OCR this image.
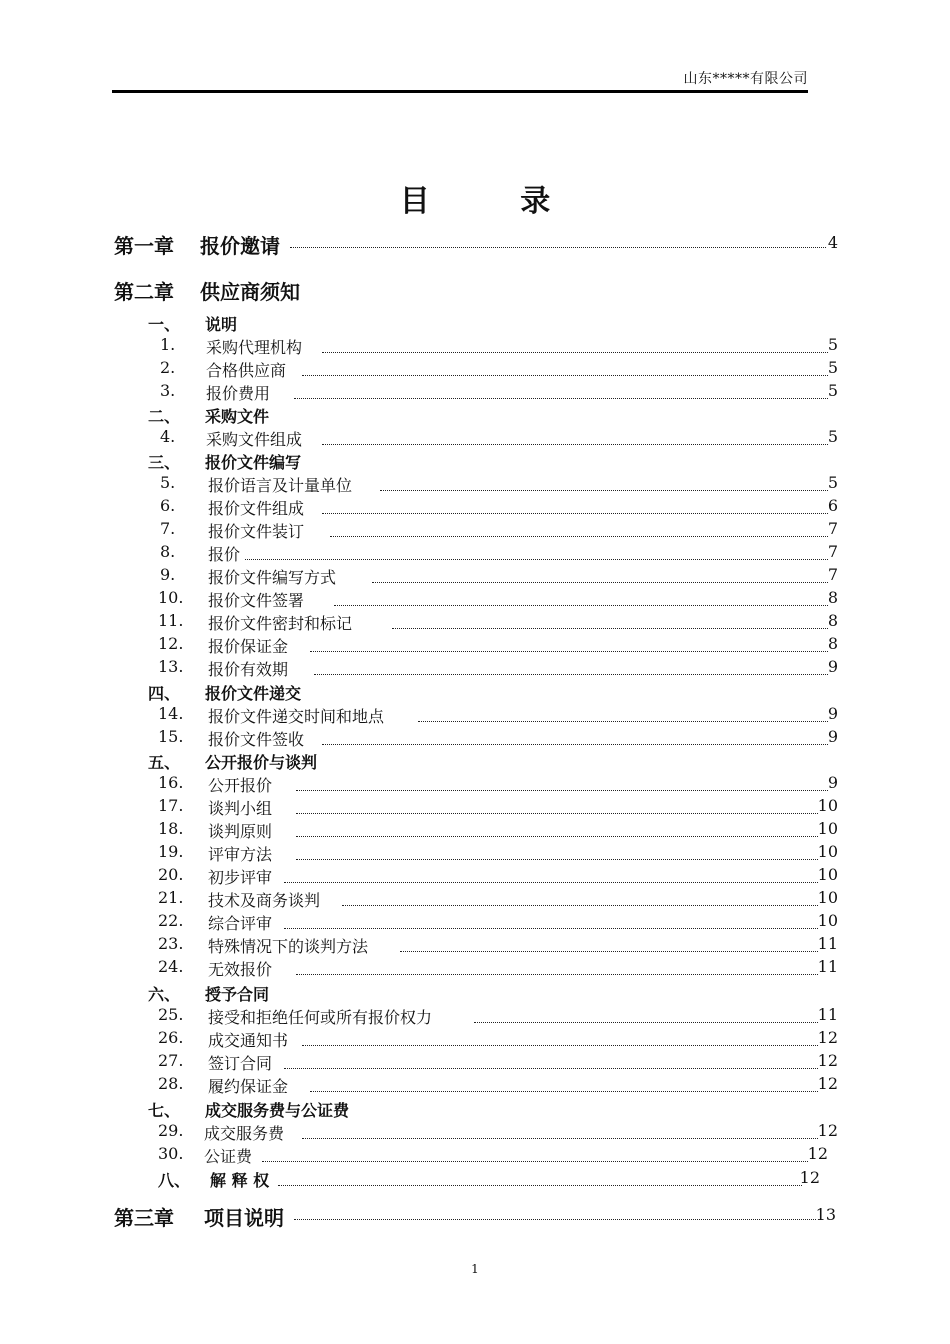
山东*****有限公司
目 录
第一章 报价邀请	4
第二章 供应商须知
一、 说明
1. 采购代理机构	5
2. 合格供应商	5
3. 报价费用	5
二、 采购文件
4. 采购文件组成	5
三、 报价文件编写
5. 报价语言及计量单位	5
6. 报价文件组成	6
7. 报价文件装订	7
8. 报价	7
9. 报价文件编写方式	7
10. 报价文件签署	8
11. 报价文件密封和标记	8
12. 报价保证金	8
13. 报价有效期	9
四、 报价文件递交
14. 报价文件递交时间和地点	9
15. 报价文件签收	9
五、 公开报价与谈判
16. 公开报价	9
17. 谈判小组	10
18. 谈判原则	10
19. 评审方法	10
20. 初步评审	10
21. 技术及商务谈判	10
22. 综合评审	10
23. 特殊情况下的谈判方法	11
24. 无效报价	11
六、 授予合同
25. 接受和拒绝任何或所有报价权力	11
26. 成交通知书	12
27. 签订合同	12
28. 履约保证金	12
七、 成交服务费与公证费
29. 成交服务费	12
30. 公证费	12
八、 解 释 权	12
第三章 项目说明	13
1
